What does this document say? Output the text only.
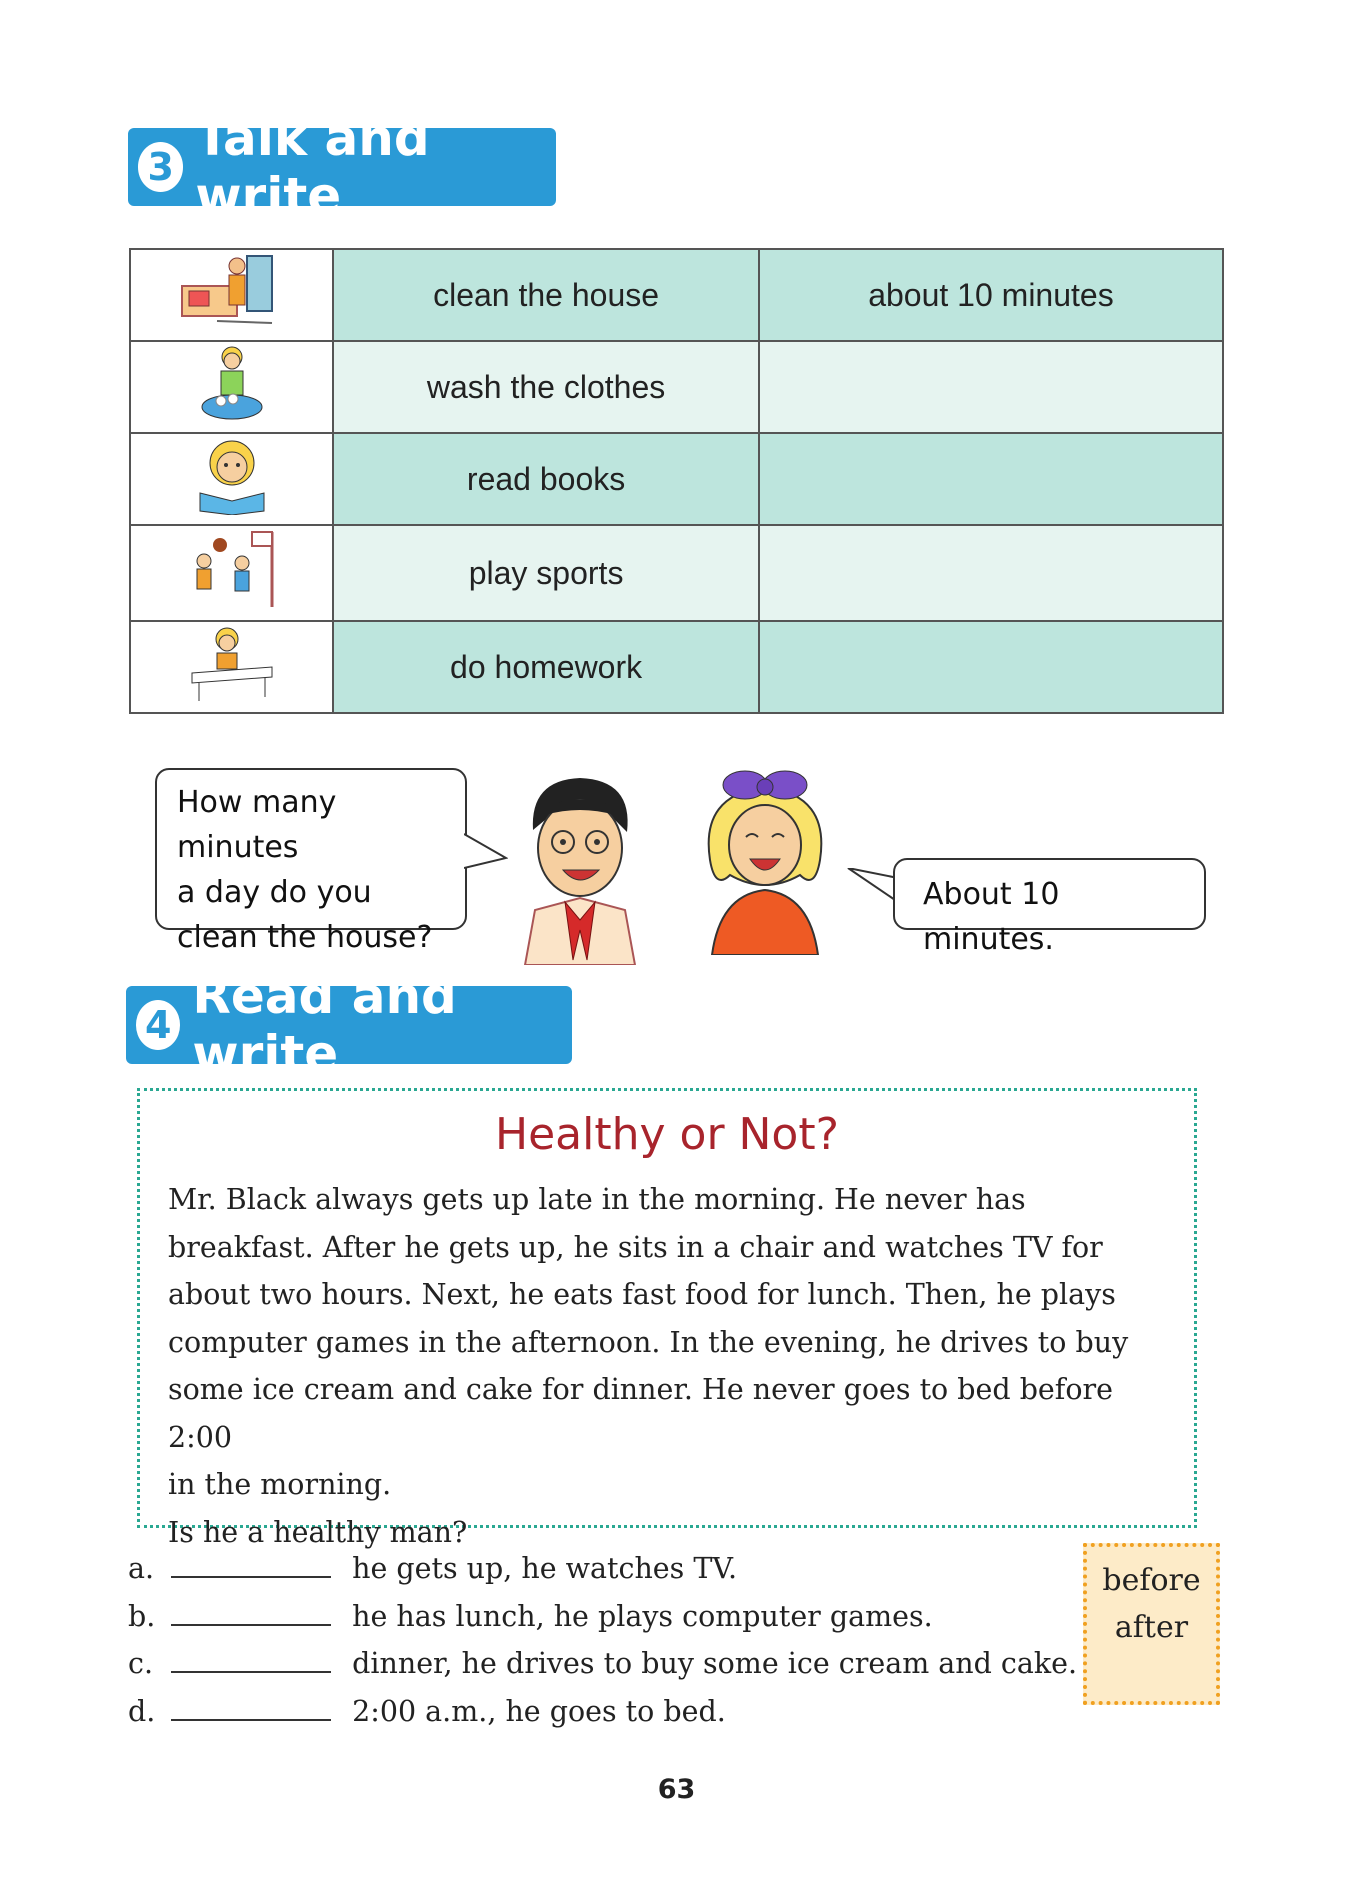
3 Talk and write
	clean the house	about 10 minutes
	wash the clothes	
	read books	
	play sports	
	do homework	
How many minutes
a day do you
clean the house?
About 10 minutes.
4 Read and write
Healthy or Not?

Mr. Black always gets up late in the morning. He never has

breakfast. After he gets up, he sits in a chair and watches TV for

about two hours. Next, he eats fast food for lunch. Then, he plays

computer games in the afternoon. In the evening, he drives to buy

some ice cream and cake for dinner. He never goes to bed before 2:00

in the morning.

Is he a healthy man?

a.	he gets up, he watches TV.
b.	he has lunch, he plays computer games.
c.	dinner, he drives to buy some ice cream and cake.
d.	2:00 a.m., he goes to bed.
before
after
63
